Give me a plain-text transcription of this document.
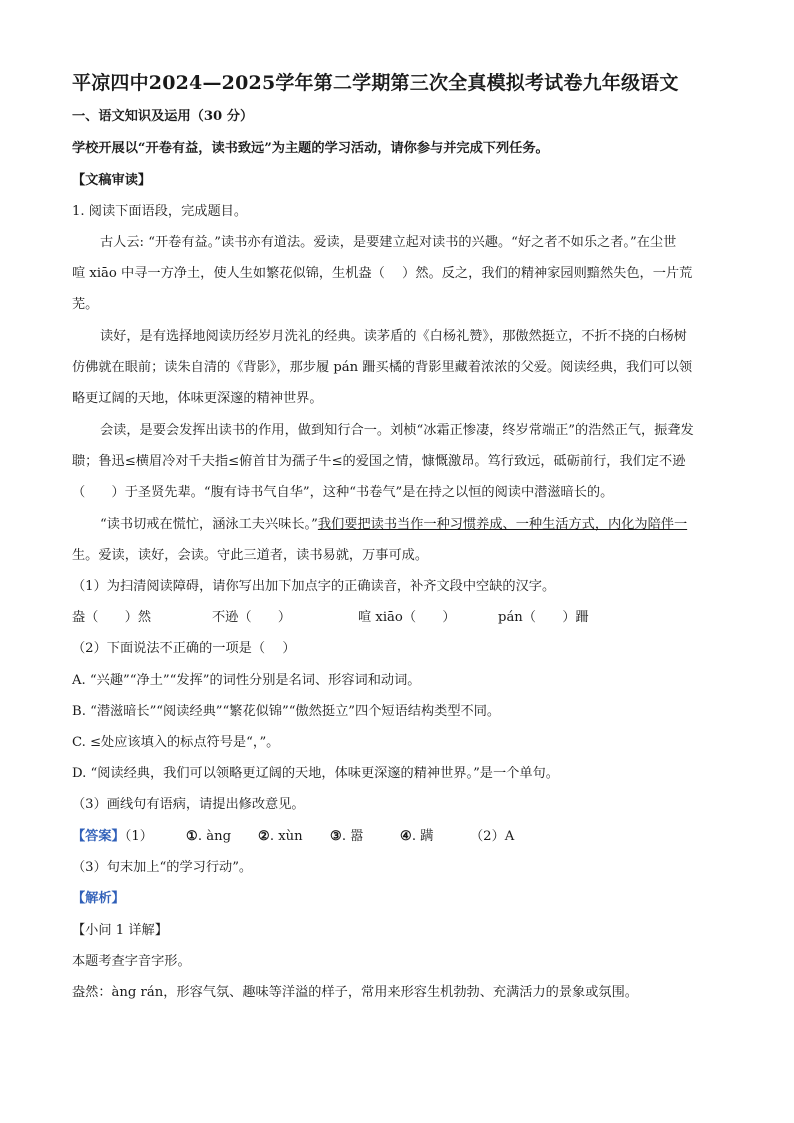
平凉四中2024—2025学年第二学期第三次全真模拟考试卷九年级语文
一、语文知识及运用（30 分）
学校开展以“开卷有益，读书致远”为主题的学习活动，请你参与并完成下列任务。
【文稿审读】
1. 阅读下面语段，完成题目。
古人云: “开卷有益。”读书亦有道法。爱读，是要建立起对读书的兴趣。“好之者不如乐之者。”在尘世
喧 xiāo 中寻一方净土，使人生如繁花似锦，生机盎（　 ）然。反之，我们的精神家园则黯然失色，一片荒
芜。
读好，是有选择地阅读历经岁月洗礼的经典。读茅盾的《白杨礼赞》，那傲然挺立，不折不挠的白杨树
仿佛就在眼前；读朱自清的《背影》，那步履 pán 跚买橘的背影里藏着浓浓的父爱。阅读经典，我们可以领
略更辽阔的天地，体味更深邃的精神世界。
会读，是要会发挥出读书的作用，做到知行合一。刘桢“冰霜正惨凄，终岁常端正”的浩然正气，振聋发
聩；鲁迅≤横眉冷对千夫指≤俯首甘为孺子牛≤的爱国之情，慷慨激昂。笃行致远，砥砺前行，我们定不逊
（　　）于圣贤先辈。“腹有诗书气自华”，这种“书卷气”是在持之以恒的阅读中潜滋暗长的。
“读书切戒在慌忙，涵泳工夫兴味长。”我们要把读书当作一种习惯养成、一种生活方式，内化为陪伴一
生。爱读，读好，会读。守此三道者，读书易就，万事可成。
（1）为扫清阅读障碍，请你写出加下加点字的正确读音，补齐文段中空缺的汉字。
盎（　　）然	不逊（　　）	喧 xiāo（　　）	pán（　　）跚
（2）下面说法不正确的一项是（　 ）
A. “兴趣”“净土”“发挥”的词性分别是名词、形容词和动词。
B. “潜滋暗长”“阅读经典”“繁花似锦”“傲然挺立”四个短语结构类型不同。
C. ≤处应该填入的标点符号是“，”。
D. “阅读经典，我们可以领略更辽阔的天地，体味更深邃的精神世界。”是一个单句。
（3）画线句有语病，请提出修改意见。
【答案】（1）	①. àng ②. xùn ③. 嚣	④. 蹒	（2）A
（3）句末加上“的学习行动”。
【解析】
【小问 1 详解】
本题考查字音字形。
盎然：àng rán，形容气氛、趣味等洋溢的样子，常用来形容生机勃勃、充满活力的景象或氛围。
